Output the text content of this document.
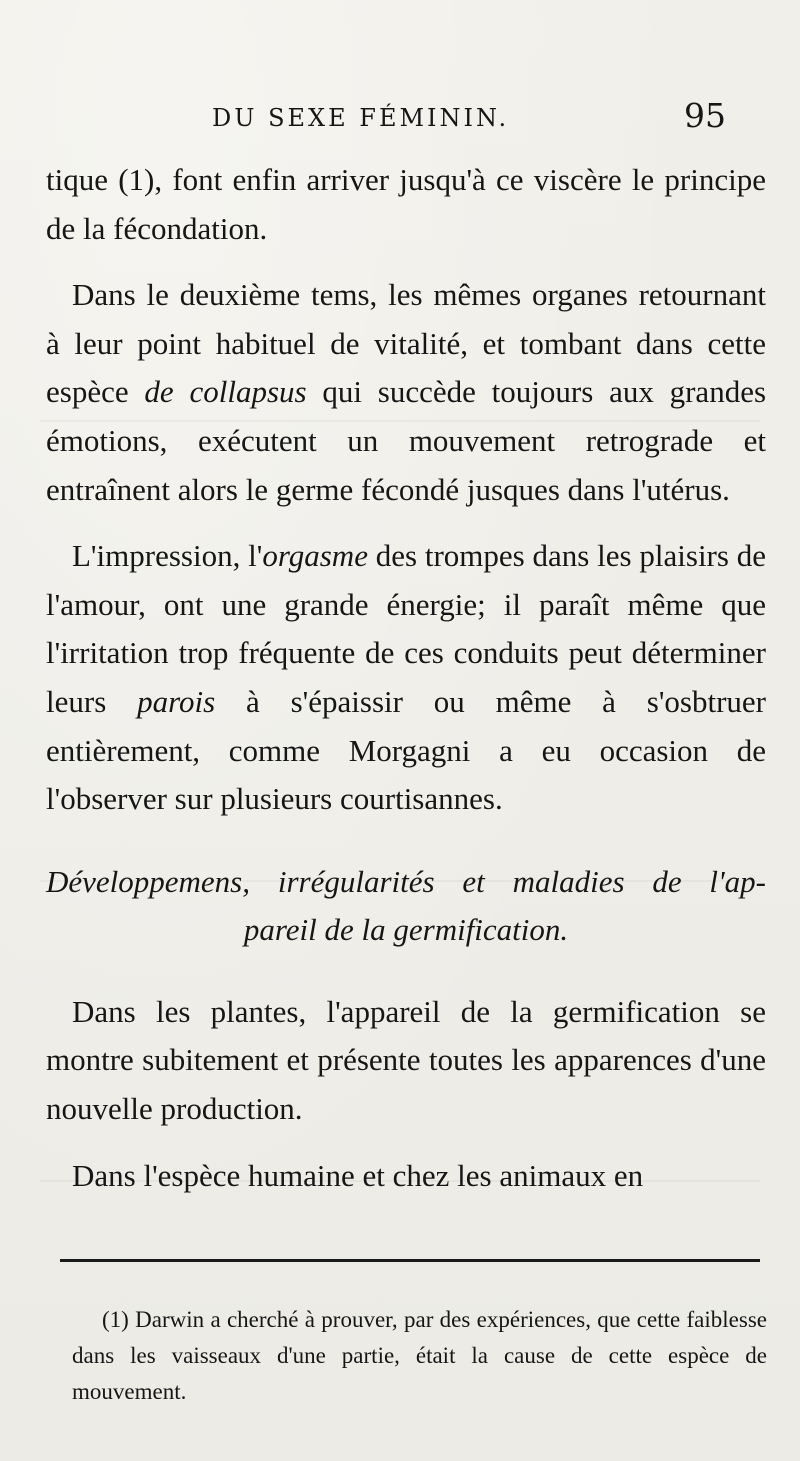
DU SEXE FÉMININ.	95

tique (1), font enfin arriver jusqu'à ce viscère le principe de la fécondation.

Dans le deuxième tems, les mêmes organes retournant à leur point habituel de vitalité, et tombant dans cette espèce de collapsus qui succède toujours aux grandes émotions, exécutent un mouvement retrograde et entraînent alors le germe fécondé jusques dans l'utérus.

L'impression, l'orgasme des trompes dans les plaisirs de l'amour, ont une grande énergie; il paraît même que l'irritation trop fréquente de ces conduits peut déterminer leurs parois à s'épaissir ou même à s'osbtruer entièrement, comme Morgagni a eu occasion de l'observer sur plusieurs courtisannes.

Développemens, irrégularités et maladies de l'ap-
pareil de la germification.

Dans les plantes, l'appareil de la germification se montre subitement et présente toutes les apparences d'une nouvelle production.

Dans l'espèce humaine et chez les animaux en

(1) Darwin a cherché à prouver, par des expériences, que cette faiblesse dans les vaisseaux d'une partie, était la cause de cette espèce de mouvement.
